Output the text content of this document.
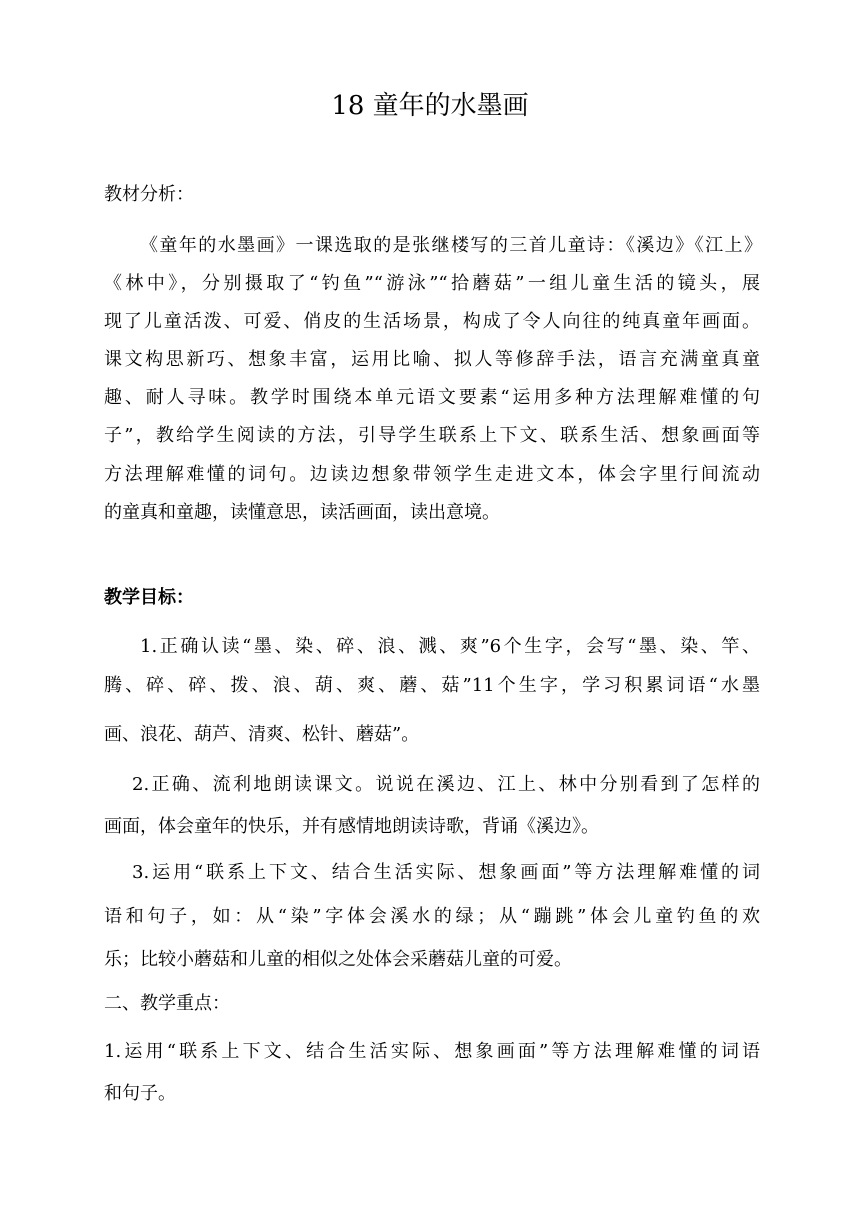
18 童年的水墨画
教材分析：
《童年的水墨画》一课选取的是张继楼写的三首儿童诗：《溪边》《江上》
《林中》，分别摄取了“钓鱼”“游泳”“拾蘑菇”一组儿童生活的镜头，展
现了儿童活泼、可爱、俏皮的生活场景，构成了令人向往的纯真童年画面。
课文构思新巧、想象丰富，运用比喻、拟人等修辞手法，语言充满童真童
趣、耐人寻味。教学时围绕本单元语文要素“运用多种方法理解难懂的句
子”，教给学生阅读的方法，引导学生联系上下文、联系生活、想象画面等
方法理解难懂的词句。边读边想象带领学生走进文本，体会字里行间流动
的童真和童趣，读懂意思，读活画面，读出意境。
教学目标：
1.正确认读“墨、染、碎、浪、溅、爽”6个生字，会写“墨、染、竿、
腾、碎、碎、拨、浪、葫、爽、蘑、菇”11个生字，学习积累词语“水墨
画、浪花、葫芦、清爽、松针、蘑菇”。
2.正确、流利地朗读课文。说说在溪边、江上、林中分别看到了怎样的
画面，体会童年的快乐，并有感情地朗读诗歌，背诵《溪边》。
3.运用“联系上下文、结合生活实际、想象画面”等方法理解难懂的词
语和句子，如：从“染”字体会溪水的绿；从“蹦跳”体会儿童钓鱼的欢
乐；比较小蘑菇和儿童的相似之处体会采蘑菇儿童的可爱。
二、教学重点：
1.运用“联系上下文、结合生活实际、想象画面”等方法理解难懂的词语
和句子。
